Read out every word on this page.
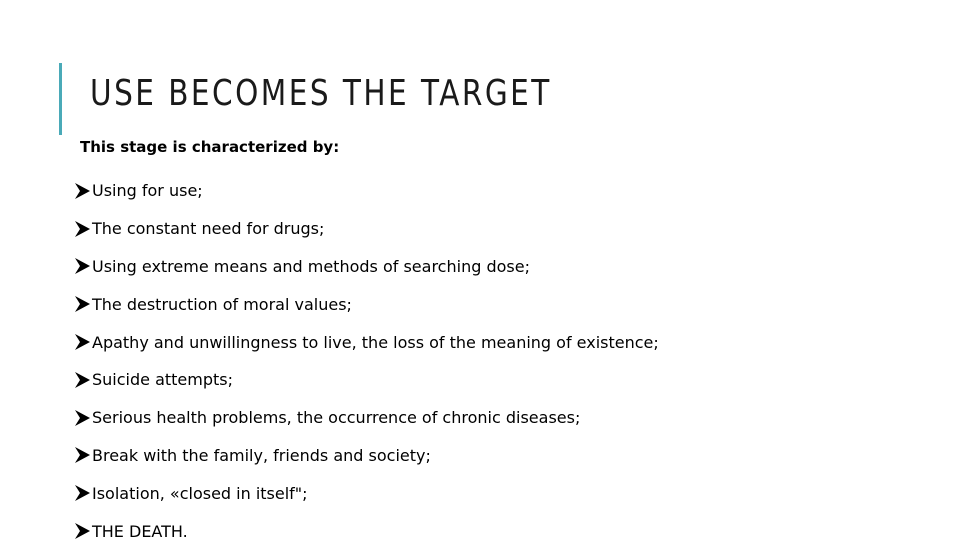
USE BECOMES THE TARGET
This stage is characterized by:
Using for use;
The constant need for drugs;
Using extreme means and methods of searching dose;
The destruction of moral values;
Apathy and unwillingness to live, the loss of the meaning of existence;
Suicide attempts;
Serious health problems, the occurrence of chronic diseases;
Break with the family, friends and society;
Isolation, «closed in itself";
THE DEATH.
